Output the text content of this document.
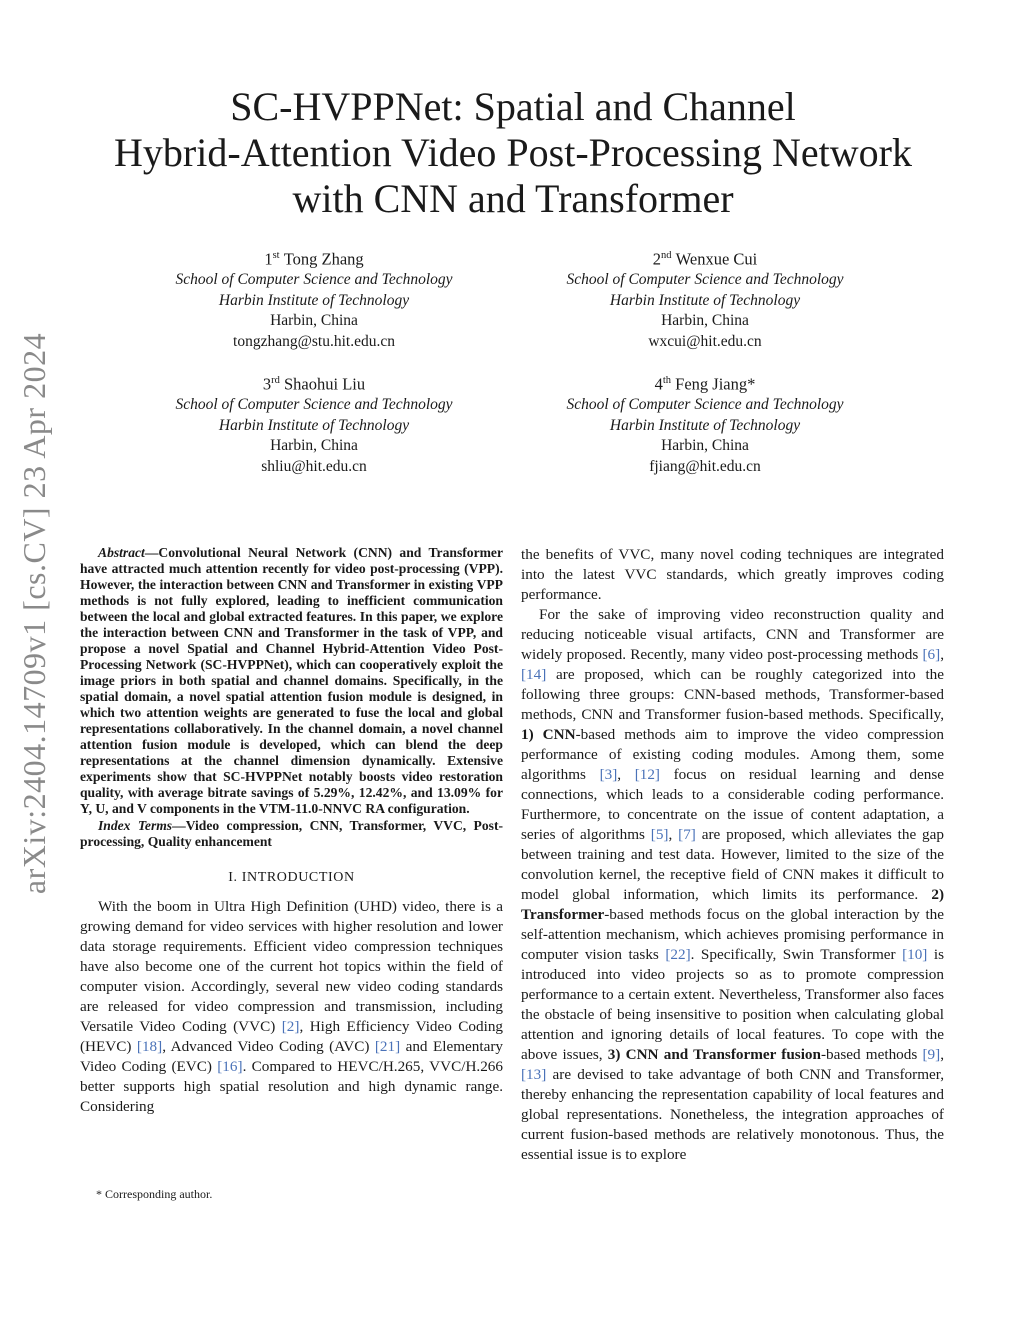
arXiv:2404.14709v1 [cs.CV] 23 Apr 2024
SC-HVPPNet: Spatial and Channel
Hybrid-Attention Video Post-Processing Network
with CNN and Transformer
1st Tong Zhang
School of Computer Science and Technology
Harbin Institute of Technology
Harbin, China
tongzhang@stu.hit.edu.cn
2nd Wenxue Cui
School of Computer Science and Technology
Harbin Institute of Technology
Harbin, China
wxcui@hit.edu.cn
3rd Shaohui Liu
School of Computer Science and Technology
Harbin Institute of Technology
Harbin, China
shliu@hit.edu.cn
4th Feng Jiang*
School of Computer Science and Technology
Harbin Institute of Technology
Harbin, China
fjiang@hit.edu.cn

Abstract—Convolutional Neural Network (CNN) and Transformer have attracted much attention recently for video post-processing (VPP). However, the interaction between CNN and Transformer in existing VPP methods is not fully explored, leading to inefficient communication between the local and global extracted features. In this paper, we explore the interaction between CNN and Transformer in the task of VPP, and propose a novel Spatial and Channel Hybrid-Attention Video Post-Processing Network (SC-HVPPNet), which can cooperatively exploit the image priors in both spatial and channel domains. Specifically, in the spatial domain, a novel spatial attention fusion module is designed, in which two attention weights are generated to fuse the local and global representations collaboratively. In the channel domain, a novel channel attention fusion module is developed, which can blend the deep representations at the channel dimension dynamically. Extensive experiments show that SC-HVPPNet notably boosts video restoration quality, with average bitrate savings of 5.29%, 12.42%, and 13.09% for Y, U, and V components in the VTM-11.0-NNVC RA configuration.

Index Terms—Video compression, CNN, Transformer, VVC, Post-processing, Quality enhancement

I. INTRODUCTION

With the boom in Ultra High Definition (UHD) video, there is a growing demand for video services with higher resolution and lower data storage requirements. Efficient video compression techniques have also become one of the current hot topics within the field of computer vision. Accordingly, several new video coding standards are released for video compression and transmission, including Versatile Video Coding (VVC) [2], High Efficiency Video Coding (HEVC) [18], Advanced Video Coding (AVC) [21] and Elementary Video Coding (EVC) [16]. Compared to HEVC/H.265, VVC/H.266 better supports high spatial resolution and high dynamic range. Considering

the benefits of VVC, many novel coding techniques are integrated into the latest VVC standards, which greatly improves coding performance.

For the sake of improving video reconstruction quality and reducing noticeable visual artifacts, CNN and Transformer are widely proposed. Recently, many video post-processing methods [6], [14] are proposed, which can be roughly categorized into the following three groups: CNN-based methods, Transformer-based methods, CNN and Transformer fusion-based methods. Specifically, 1) CNN-based methods aim to improve the video compression performance of existing coding modules. Among them, some algorithms [3], [12] focus on residual learning and dense connections, which leads to a considerable coding performance. Furthermore, to concentrate on the issue of content adaptation, a series of algorithms [5], [7] are proposed, which alleviates the gap between training and test data. However, limited to the size of the convolution kernel, the receptive field of CNN makes it difficult to model global information, which limits its performance. 2) Transformer-based methods focus on the global interaction by the self-attention mechanism, which achieves promising performance in computer vision tasks [22]. Specifically, Swin Transformer [10] is introduced into video projects so as to promote compression performance to a certain extent. Nevertheless, Transformer also faces the obstacle of being insensitive to position when calculating global attention and ignoring details of local features. To cope with the above issues, 3) CNN and Transformer fusion-based methods [9], [13] are devised to take advantage of both CNN and Transformer, thereby enhancing the representation capability of local features and global representations. Nonetheless, the integration approaches of current fusion-based methods are relatively monotonous. Thus, the essential issue is to explore

* Corresponding author.
